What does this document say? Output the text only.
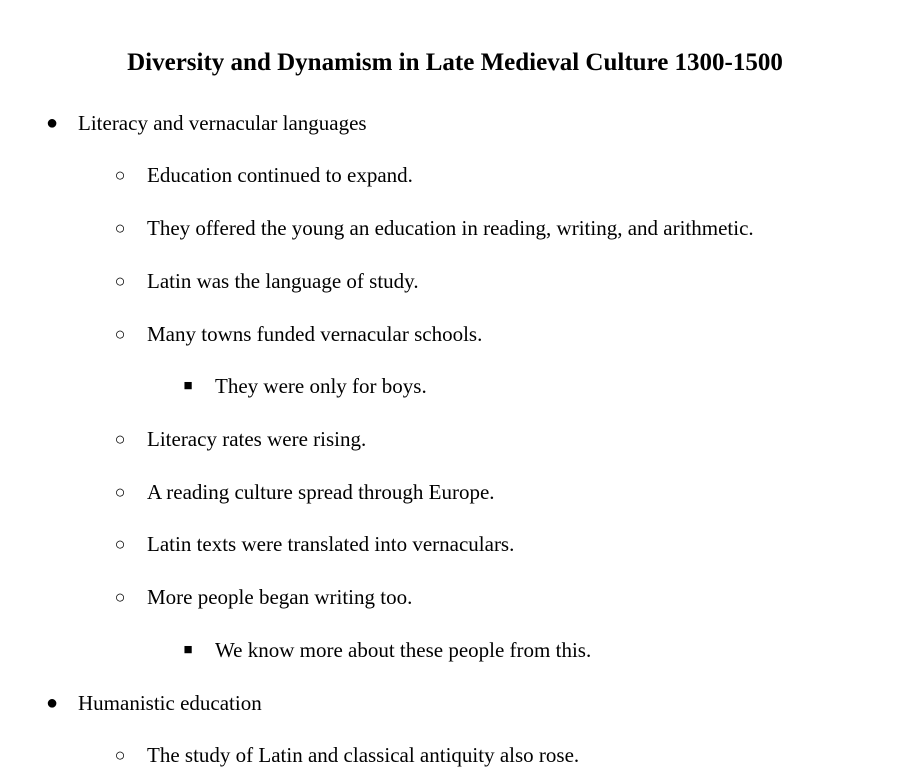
Diversity and Dynamism in Late Medieval Culture 1300-1500
● Literacy and vernacular languages
○ Education continued to expand.
○ They offered the young an education in reading, writing, and arithmetic.
○ Latin was the language of study.
○ Many towns funded vernacular schools.
■ They were only for boys.
○ Literacy rates were rising.
○ A reading culture spread through Europe.
○ Latin texts were translated into vernaculars.
○ More people began writing too.
■ We know more about these people from this.
● Humanistic education
○ The study of Latin and classical antiquity also rose.
